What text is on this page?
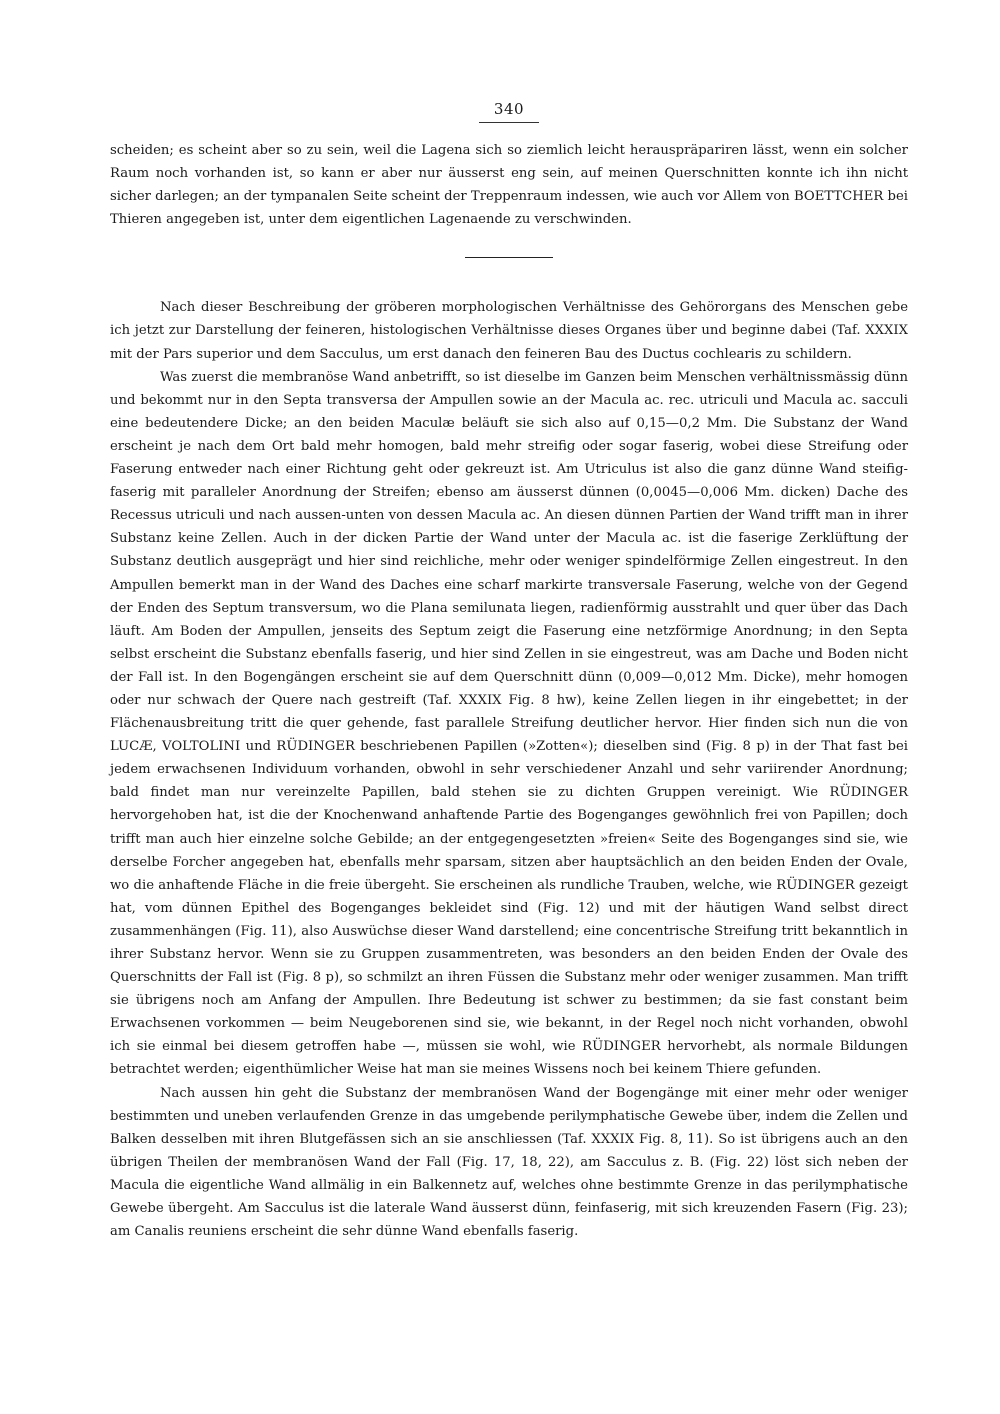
340

scheiden; es scheint aber so zu sein, weil die Lagena sich so ziemlich leicht herauspräpariren lässt, wenn ein solcher Raum noch vorhanden ist, so kann er aber nur äusserst eng sein, auf meinen Querschnitten konnte ich ihn nicht sicher darlegen; an der tympanalen Seite scheint der Treppenraum indessen, wie auch vor Allem von BOETTCHER bei Thieren angegeben ist, unter dem eigentlichen Lagenaende zu verschwinden.

Nach dieser Beschreibung der gröberen morphologischen Verhältnisse des Gehörorgans des Menschen gebe ich jetzt zur Darstellung der feineren, histologischen Verhältnisse dieses Organes über und beginne dabei (Taf. XXXIX mit der Pars superior und dem Sacculus, um erst danach den feineren Bau des Ductus cochlearis zu schildern.

Was zuerst die membranöse Wand anbetrifft, so ist dieselbe im Ganzen beim Menschen verhältnissmässig dünn und bekommt nur in den Septa transversa der Ampullen sowie an der Macula ac. rec. utriculi und Macula ac. sacculi eine bedeutendere Dicke; an den beiden Maculæ beläuft sie sich also auf 0,15—0,2 Mm. Die Substanz der Wand erscheint je nach dem Ort bald mehr homogen, bald mehr streifig oder sogar faserig, wobei diese Streifung oder Faserung entweder nach einer Richtung geht oder gekreuzt ist. Am Utriculus ist also die ganz dünne Wand steifig-faserig mit paralleler Anordnung der Streifen; ebenso am äusserst dünnen (0,0045—0,006 Mm. dicken) Dache des Recessus utriculi und nach aussen-unten von dessen Macula ac. An diesen dünnen Partien der Wand trifft man in ihrer Substanz keine Zellen. Auch in der dicken Partie der Wand unter der Macula ac. ist die faserige Zerklüftung der Substanz deutlich ausgeprägt und hier sind reichliche, mehr oder weniger spindelförmige Zellen eingestreut. In den Ampullen bemerkt man in der Wand des Daches eine scharf markirte transversale Faserung, welche von der Gegend der Enden des Septum transversum, wo die Plana semilunata liegen, radienförmig ausstrahlt und quer über das Dach läuft. Am Boden der Ampullen, jenseits des Septum zeigt die Faserung eine netzförmige Anordnung; in den Septa selbst erscheint die Substanz ebenfalls faserig, und hier sind Zellen in sie eingestreut, was am Dache und Boden nicht der Fall ist. In den Bogengängen erscheint sie auf dem Querschnitt dünn (0,009—0,012 Mm. Dicke), mehr homogen oder nur schwach der Quere nach gestreift (Taf. XXXIX Fig. 8 hw), keine Zellen liegen in ihr eingebettet; in der Flächenausbreitung tritt die quer gehende, fast parallele Streifung deutlicher hervor. Hier finden sich nun die von LUCÆ, VOLTOLINI und RÜDINGER beschriebenen Papillen (»Zotten«); dieselben sind (Fig. 8 p) in der That fast bei jedem erwachsenen Individuum vorhanden, obwohl in sehr verschiedener Anzahl und sehr variirender Anordnung; bald findet man nur vereinzelte Papillen, bald stehen sie zu dichten Gruppen vereinigt. Wie RÜDINGER hervorgehoben hat, ist die der Knochenwand anhaftende Partie des Bogenganges gewöhnlich frei von Papillen; doch trifft man auch hier einzelne solche Gebilde; an der entgegengesetzten »freien« Seite des Bogenganges sind sie, wie derselbe Forcher angegeben hat, ebenfalls mehr sparsam, sitzen aber hauptsächlich an den beiden Enden der Ovale, wo die anhaftende Fläche in die freie übergeht. Sie erscheinen als rundliche Trauben, welche, wie RÜDINGER gezeigt hat, vom dünnen Epithel des Bogenganges bekleidet sind (Fig. 12) und mit der häutigen Wand selbst direct zusammenhängen (Fig. 11), also Auswüchse dieser Wand darstellend; eine concentrische Streifung tritt bekanntlich in ihrer Substanz hervor. Wenn sie zu Gruppen zusammentreten, was besonders an den beiden Enden der Ovale des Querschnitts der Fall ist (Fig. 8 p), so schmilzt an ihren Füssen die Substanz mehr oder weniger zusammen. Man trifft sie übrigens noch am Anfang der Ampullen. Ihre Bedeutung ist schwer zu bestimmen; da sie fast constant beim Erwachsenen vorkommen — beim Neugeborenen sind sie, wie bekannt, in der Regel noch nicht vorhanden, obwohl ich sie einmal bei diesem getroffen habe —, müssen sie wohl, wie RÜDINGER hervorhebt, als normale Bildungen betrachtet werden; eigenthümlicher Weise hat man sie meines Wissens noch bei keinem Thiere gefunden.

Nach aussen hin geht die Substanz der membranösen Wand der Bogengänge mit einer mehr oder weniger bestimmten und uneben verlaufenden Grenze in das umgebende perilymphatische Gewebe über, indem die Zellen und Balken desselben mit ihren Blutgefässen sich an sie anschliessen (Taf. XXXIX Fig. 8, 11). So ist übrigens auch an den übrigen Theilen der membranösen Wand der Fall (Fig. 17, 18, 22), am Sacculus z. B. (Fig. 22) löst sich neben der Macula die eigentliche Wand allmälig in ein Balkennetz auf, welches ohne bestimmte Grenze in das perilymphatische Gewebe übergeht. Am Sacculus ist die laterale Wand äusserst dünn, feinfaserig, mit sich kreuzenden Fasern (Fig. 23); am Canalis reuniens erscheint die sehr dünne Wand ebenfalls faserig.
